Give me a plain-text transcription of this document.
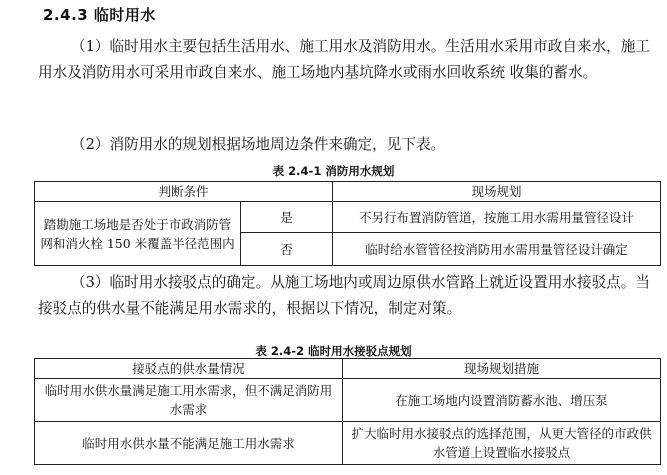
2.4.3 临时用水
（1）临时用水主要包括生活用水、施工用水及消防用水。生活用水采用市政自来水，施工用水及消防用水可采用市政自来水、施工场地内基坑降水或雨水回收系统 收集的蓄水。
（2）消防用水的规划根据场地周边条件来确定，见下表。
表 2.4-1 消防用水规划
判断条件		现场规划
踏勘施工场地是否处于市政消防管网和消火栓 150 米覆盖半径范围内	是	不另行布置消防管道，按施工用水需用量管径设计
	否	临时给水管管径按消防用水需用量管径设计确定
（3）临时用水接驳点的确定。从施工场地内或周边原供水管路上就近设置用水接驳点。当接驳点的供水量不能满足用水需求的，根据以下情况，制定对策。
表 2.4-2 临时用水接驳点规划
接驳点的供水量情况	现场规划措施
临时用水供水量满足施工用水需求，但不满足消防用水需求	在施工场地内设置消防蓄水池、增压泵
临时用水供水量不能满足施工用水需求	扩大临时用水接驳点的选择范围，从更大管径的市政供水管道上设置临水接驳点
